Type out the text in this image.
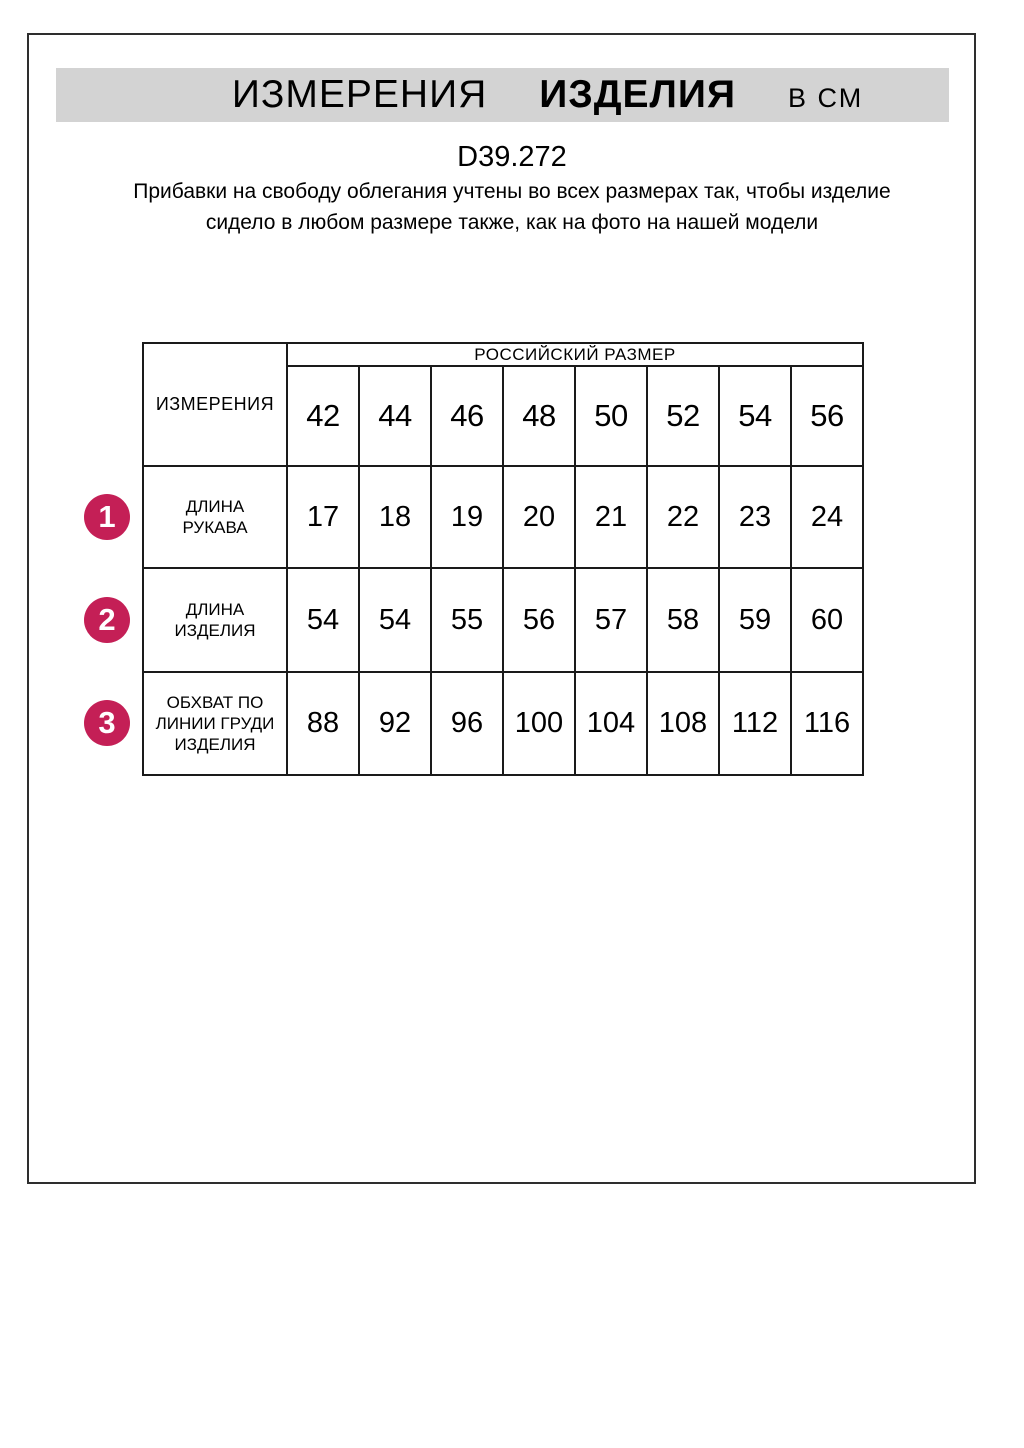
ИЗМЕРЕНИЯ ИЗДЕЛИЯ В СМ
D39.272
Прибавки на свободу облегания учтены во всех размерах так, чтобы изделие сидело в любом размере также, как на фото на нашей модели
ИЗМЕРЕНИЯ	РОССИЙСКИЙ РАЗМЕР							
	42	44	46	48	50	52	54	56
ДЛИНА РУКАВА	17	18	19	20	21	22	23	24
ДЛИНА ИЗДЕЛИЯ	54	54	55	56	57	58	59	60
ОБХВАТ ПО ЛИНИИ ГРУДИ ИЗДЕЛИЯ	88	92	96	100	104	108	112	116
1
2
3
